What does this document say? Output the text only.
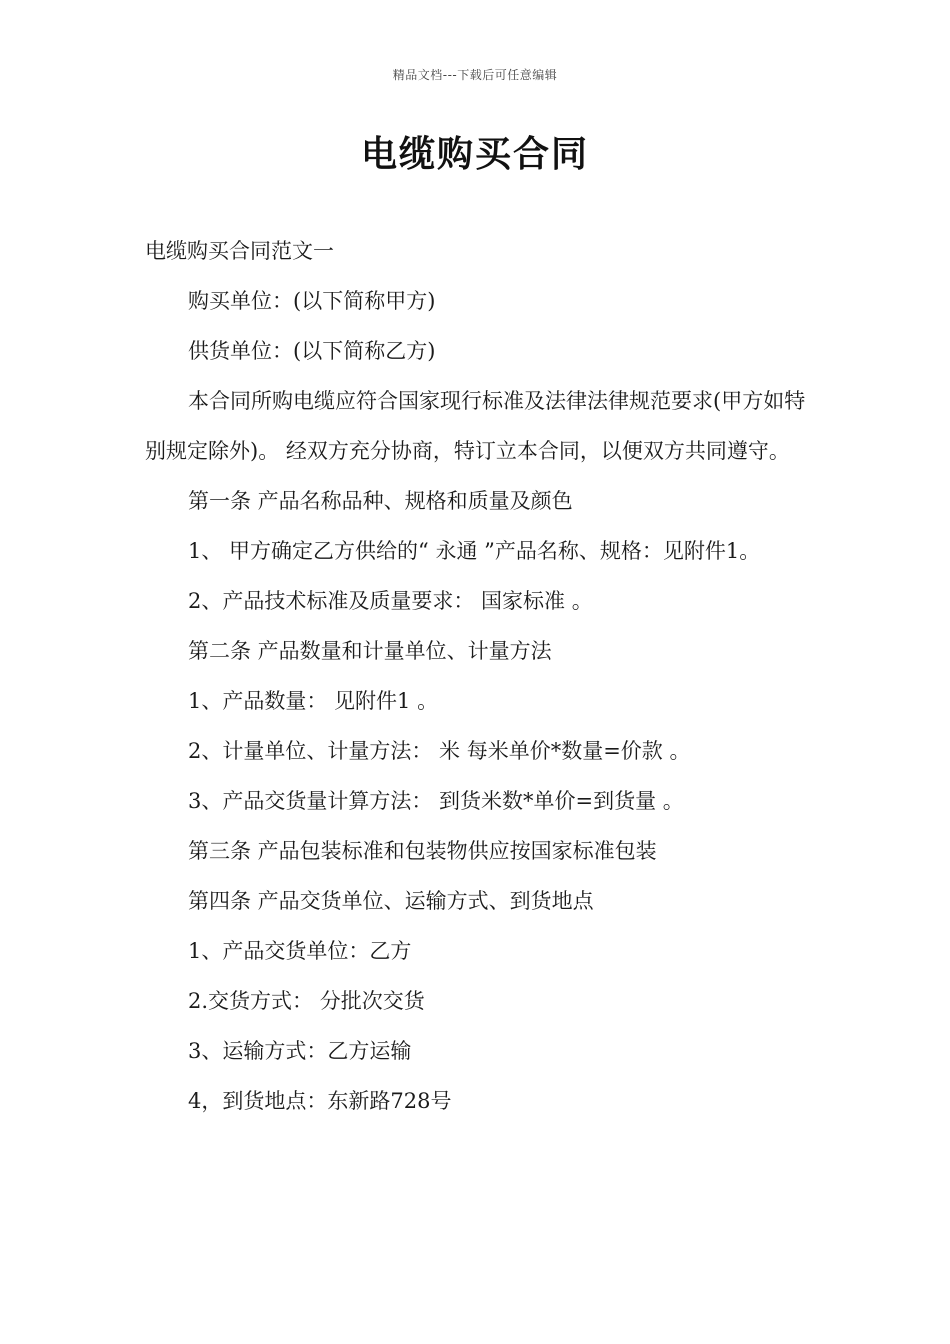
精品文档---下载后可任意编辑
电缆购买合同

电缆购买合同范文一

购买单位：(以下简称甲方)

供货单位：(以下简称乙方)

本合同所购电缆应符合国家现行标准及法律法律规范要求(甲方如特别规定除外)。 经双方充分协商，特订立本合同，以便双方共同遵守。

第一条 产品名称品种、规格和质量及颜色

1、 甲方确定乙方供给的“ 永通 ”产品名称、规格：见附件1。

2、产品技术标准及质量要求： 国家标准 。

第二条 产品数量和计量单位、计量方法

1、产品数量： 见附件1 。

2、计量单位、计量方法： 米 每米单价*数量=价款 。

3、产品交货量计算方法： 到货米数*单价=到货量 。

第三条 产品包装标准和包装物供应按国家标准包装

第四条 产品交货单位、运输方式、到货地点

1、产品交货单位：乙方

2.交货方式： 分批次交货

3、运输方式：乙方运输

4，到货地点：东新路728号
